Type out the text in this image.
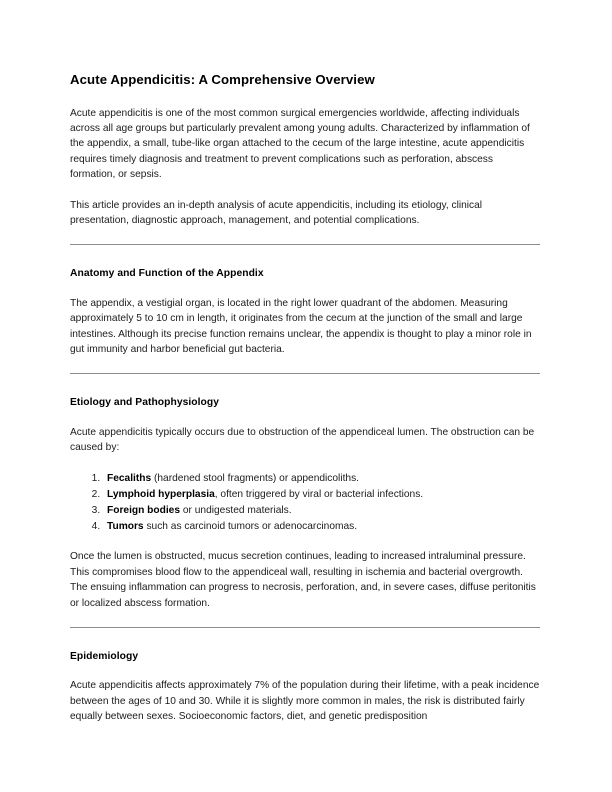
Acute Appendicitis: A Comprehensive Overview

Acute appendicitis is one of the most common surgical emergencies worldwide, affecting individuals across all age groups but particularly prevalent among young adults. Characterized by inflammation of the appendix, a small, tube-like organ attached to the cecum of the large intestine, acute appendicitis requires timely diagnosis and treatment to prevent complications such as perforation, abscess formation, or sepsis.

This article provides an in-depth analysis of acute appendicitis, including its etiology, clinical presentation, diagnostic approach, management, and potential complications.

Anatomy and Function of the Appendix

The appendix, a vestigial organ, is located in the right lower quadrant of the abdomen. Measuring approximately 5 to 10 cm in length, it originates from the cecum at the junction of the small and large intestines. Although its precise function remains unclear, the appendix is thought to play a minor role in gut immunity and harbor beneficial gut bacteria.

Etiology and Pathophysiology

Acute appendicitis typically occurs due to obstruction of the appendiceal lumen. The obstruction can be caused by:

1. Fecaliths (hardened stool fragments) or appendicoliths.
2. Lymphoid hyperplasia, often triggered by viral or bacterial infections.
3. Foreign bodies or undigested materials.
4. Tumors such as carcinoid tumors or adenocarcinomas.

Once the lumen is obstructed, mucus secretion continues, leading to increased intraluminal pressure. This compromises blood flow to the appendiceal wall, resulting in ischemia and bacterial overgrowth. The ensuing inflammation can progress to necrosis, perforation, and, in severe cases, diffuse peritonitis or localized abscess formation.

Epidemiology

Acute appendicitis affects approximately 7% of the population during their lifetime, with a peak incidence between the ages of 10 and 30. While it is slightly more common in males, the risk is distributed fairly equally between sexes. Socioeconomic factors, diet, and genetic predisposition
